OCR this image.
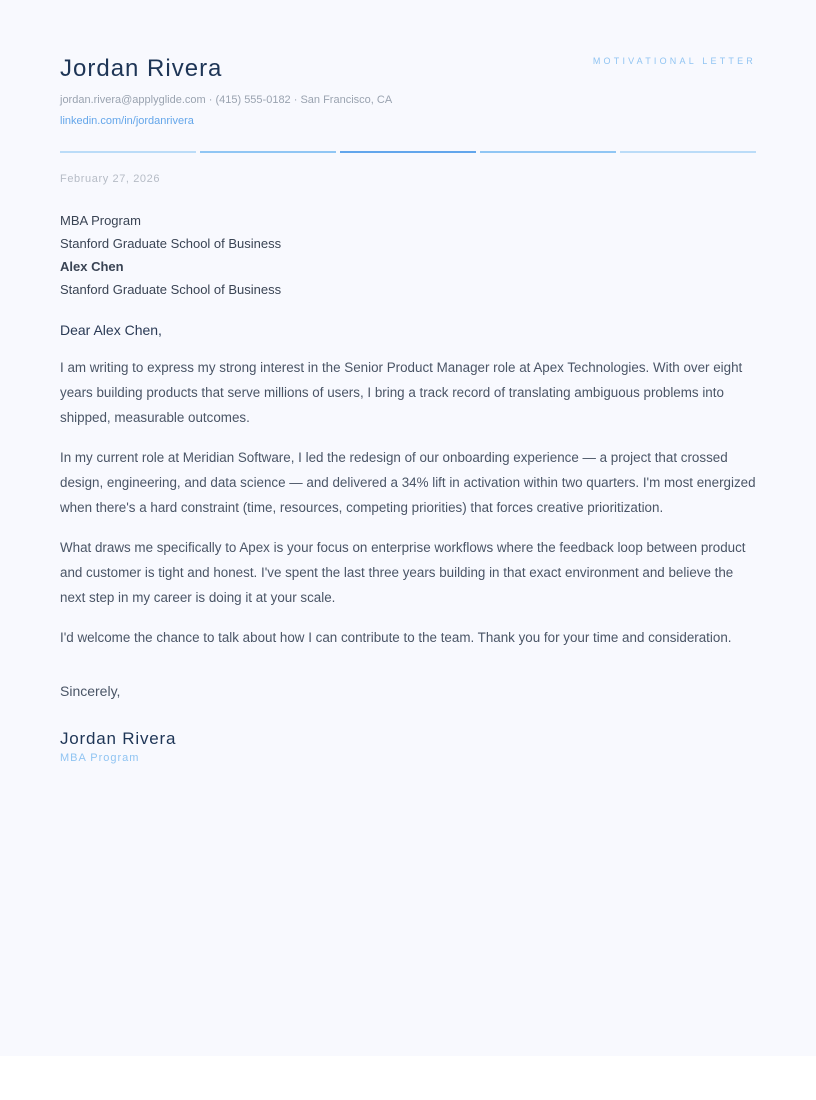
Jordan Rivera	MOTIVATIONAL LETTER
jordan.rivera@applyglide.com · (415) 555-0182 · San Francisco, CA
linkedin.com/in/jordanrivera
February 27, 2026
MBA Program
Stanford Graduate School of Business
Alex Chen
Stanford Graduate School of Business
Dear Alex Chen,

I am writing to express my strong interest in the Senior Product Manager role at Apex Technologies. With over eight years building products that serve millions of users, I bring a track record of translating ambiguous problems into shipped, measurable outcomes.

In my current role at Meridian Software, I led the redesign of our onboarding experience — a project that crossed design, engineering, and data science — and delivered a 34% lift in activation within two quarters. I'm most energized when there's a hard constraint (time, resources, competing priorities) that forces creative prioritization.

What draws me specifically to Apex is your focus on enterprise workflows where the feedback loop between product and customer is tight and honest. I've spent the last three years building in that exact environment and believe the next step in my career is doing it at your scale.

I'd welcome the chance to talk about how I can contribute to the team. Thank you for your time and consideration.

Sincerely,
Jordan Rivera
MBA Program
